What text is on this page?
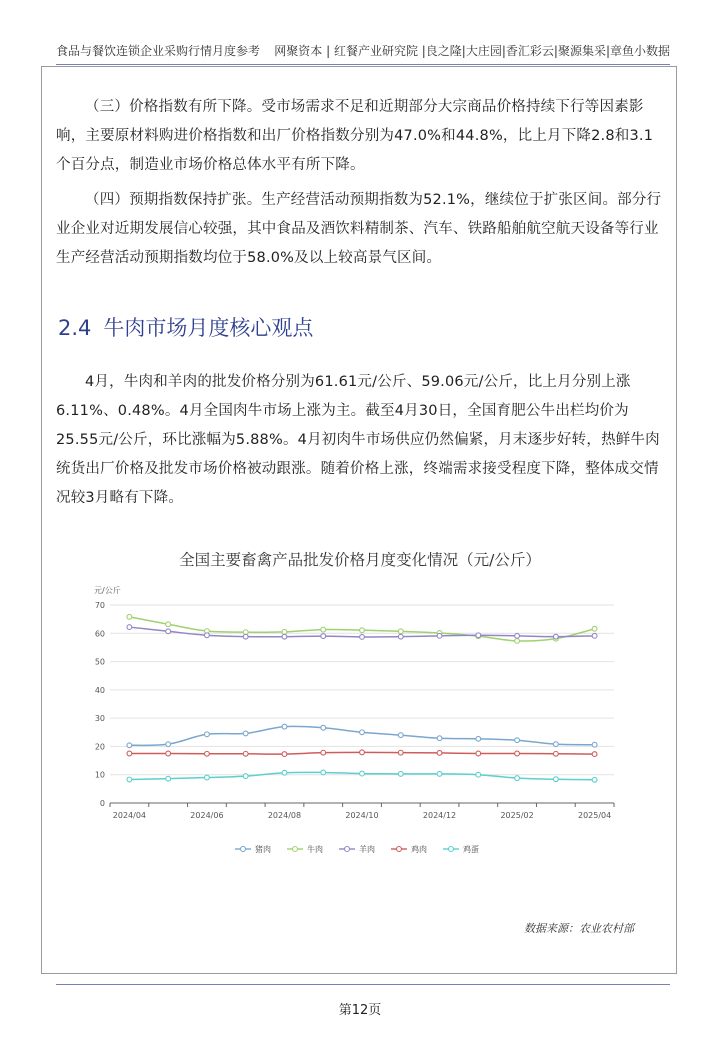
食品与餐饮连锁企业采购行情月度参考 网聚资本 | 红餐产业研究院 |良之隆|大庄园|香汇彩云|聚源集采|章鱼小数据

（三）价格指数有所下降。受市场需求不足和近期部分大宗商品价格持续下行等因素影响，主要原材料购进价格指数和出厂价格指数分别为47.0%和44.8%，比上月下降2.8和3.1个百分点，制造业市场价格总体水平有所下降。

（四）预期指数保持扩张。生产经营活动预期指数为52.1%，继续位于扩张区间。部分行业企业对近期发展信心较强，其中食品及酒饮料精制茶、汽车、铁路船舶航空航天设备等行业生产经营活动预期指数均位于58.0%及以上较高景气区间。

2.4 牛肉市场月度核心观点

4月，牛肉和羊肉的批发价格分别为61.61元/公斤、59.06元/公斤，比上月分别上涨6.11%、0.48%。4月全国肉牛市场上涨为主。截至4月30日，全国育肥公牛出栏均价为25.55元/公斤，环比涨幅为5.88%。4月初肉牛市场供应仍然偏紧，月末逐步好转，热鲜牛肉统货出厂价格及批发市场价格被动跟涨。随着价格上涨，终端需求接受程度下降，整体成交情况较3月略有下降。

全国主要畜禽产品批发价格月度变化情况（元/公斤）
元/公斤
0
10
20
30
40
50
60
70
2024/04	2024/06	2024/08	2024/10	2024/12	2025/02	2025/04
猪肉	牛肉	羊肉	鸡肉	鸡蛋
数据来源：农业农村部
第12页
